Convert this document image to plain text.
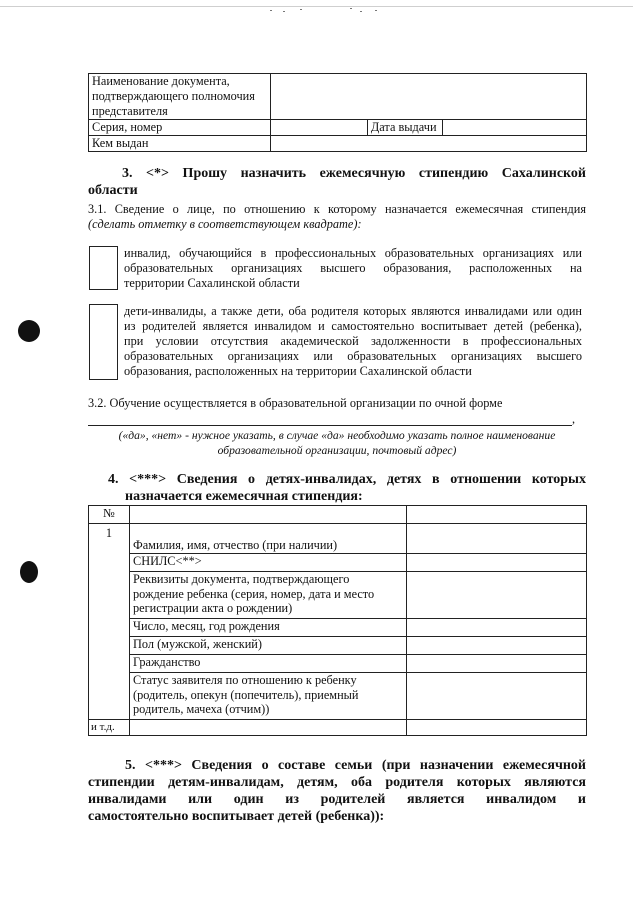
Наименование документа,
подтверждающего полномочия
представителя			

Серия, номер		Дата выдачи	
Кем выдан			
3. <*> Прошу назначить ежемесячную стипендию Сахалинской
области
3.1. Сведение о лице, по отношению к которому назначается ежемесячная стипендия
(сделать отметку в соответствующем квадрате):
инвалид, обучающийся в профессиональных образовательных организациях или
образовательных организациях высшего образования, расположенных на
территории Сахалинской области
дети-инвалиды, а также дети, оба родителя которых являются инвалидами или один
из родителей является инвалидом и самостоятельно воспитывает детей (ребенка),
при условии отсутствия академической задолженности в профессиональных
образовательных организациях или образовательных организациях высшего
образования, расположенных на территории Сахалинской области
3.2. Обучение осуществляется в образовательной организации по очной форме
,
(«да», «нет» - нужное указать, в случае «да» необходимо указать полное наименование
образовательной организации, почтовый адрес)
4. <***> Сведения о детях-инвалидах, детях в отношении которых
назначается ежемесячная стипендия:
№		
1	Фамилия, имя, отчество (при наличии)	
	СНИЛС<**>	
	Реквизиты документа, подтверждающего
рождение ребенка (серия, номер, дата и место
регистрации акта о рождении)	
	Число, месяц, год рождения	
	Пол (мужской, женский)	
	Гражданство	
	Статус заявителя по отношению к ребенку
(родитель, опекун (попечитель), приемный
родитель, мачеха (отчим))	
и т.д.		
5. <***> Сведения о составе семьи (при назначении ежемесячной
стипендии детям-инвалидам, детям, оба родителя которых являются
инвалидами или один из родителей является инвалидом и
самостоятельно воспитывает детей (ребенка)):
